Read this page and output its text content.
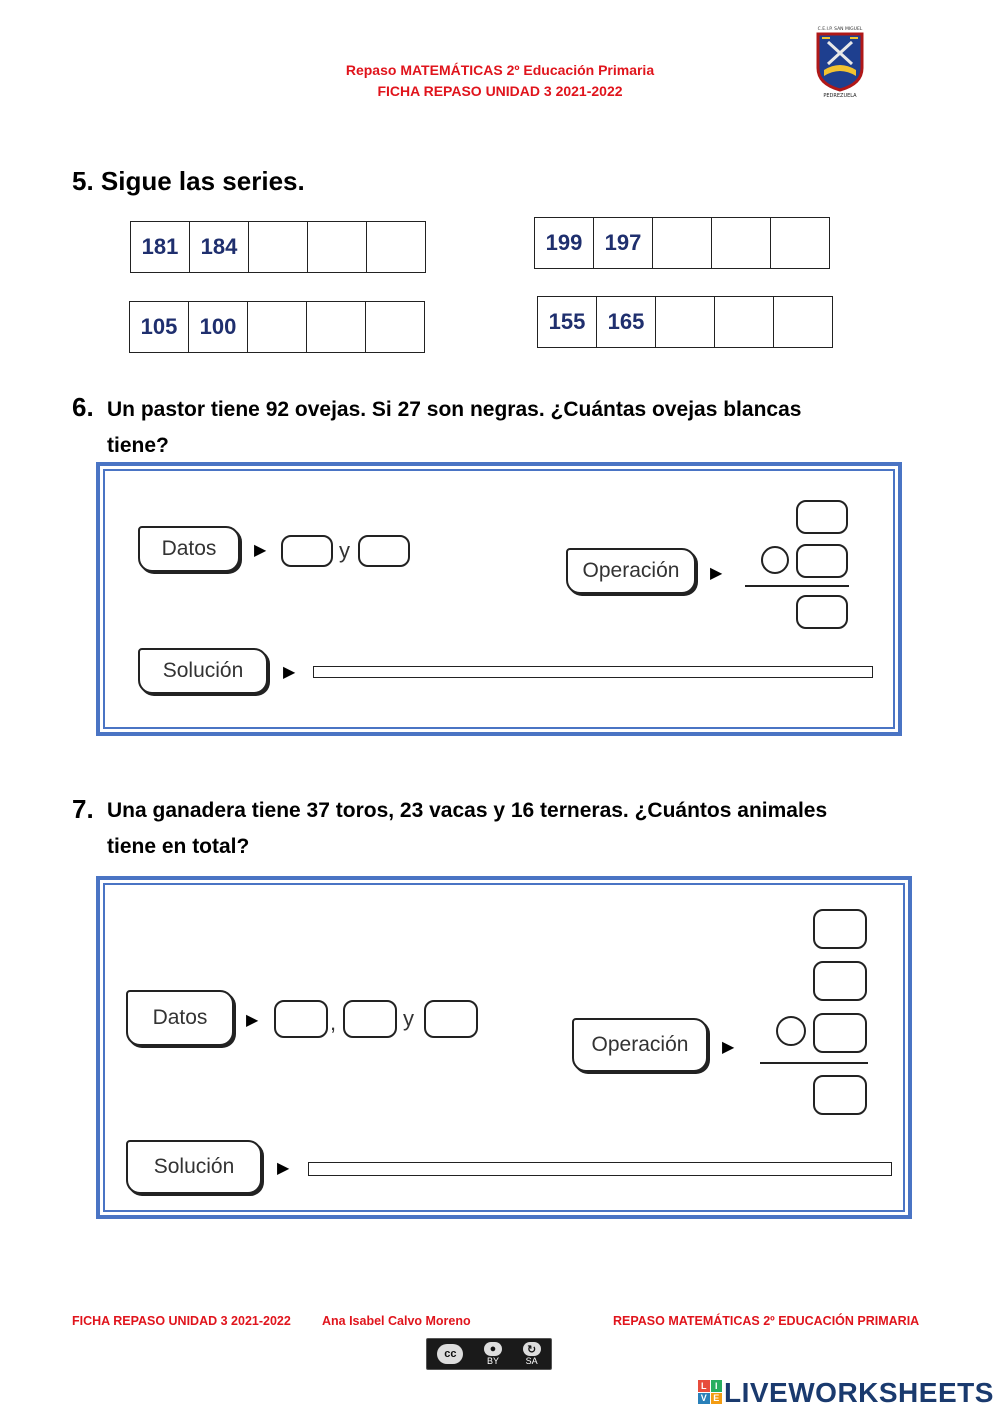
Repaso MATEMÁTICAS 2º Educación Primaria
FICHA REPASO UNIDAD 3 2021-2022
C.E.I.P. SAN MIGUEL
PEDREZUELA
5. Sigue las series.
181	184	199	197
105	100	155	165
6. Un pastor tiene 92 ovejas. Si 27 son negras. ¿Cuántas ovejas blancas
tiene?
Datos	▶	y
Operación	▶
Solución	▶
7. Una ganadera tiene 37 toros, 23 vacas y 16 terneras. ¿Cuántos animales
tiene en total?
Datos	▶	,	y
Operación	▶
Solución	▶
FICHA REPASO UNIDAD 3 2021-2022 Ana Isabel Calvo Moreno	REPASO MATEMÁTICAS 2º EDUCACIÓN PRIMARIA
cc	●
BY
↻
SA
L I
V E LIVEWORKSHEETS
